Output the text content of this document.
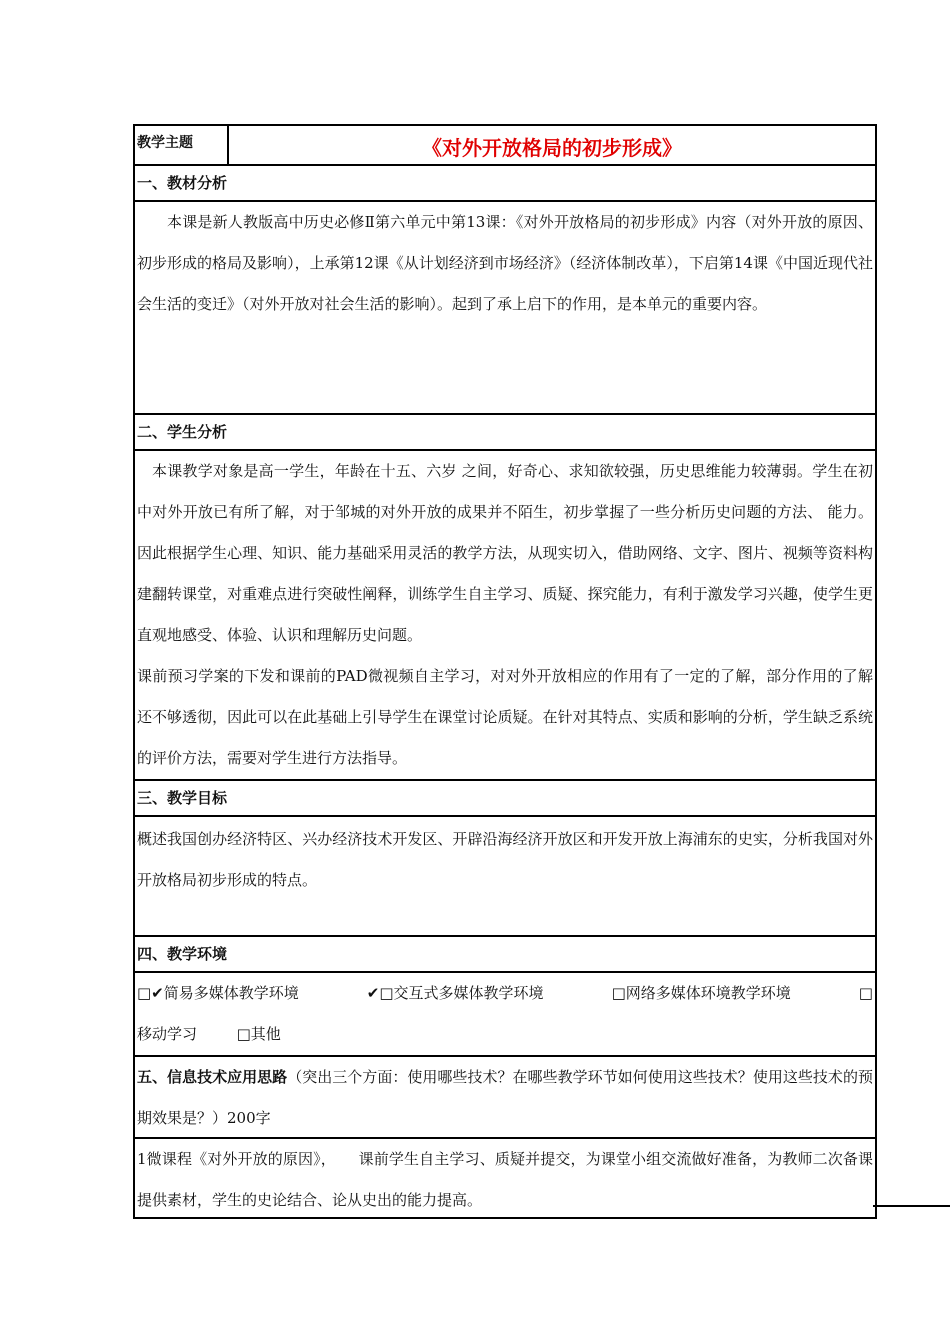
教学主题	《对外开放格局的初步形成》
一、教材分析
本课是新人教版高中历史必修Ⅱ第六单元中第13课：《对外开放格局的初步形成》内容（对外开放的原因、初步形成的格局及影响），上承第12课《从计划经济到市场经济》（经济体制改革），下启第14课《中国近现代社会生活的变迁》（对外开放对社会生活的影响）。起到了承上启下的作用，是本单元的重要内容。
二、学生分析
本课教学对象是高一学生，年龄在十五、六岁 之间，好奇心、求知欲较强，历史思维能力较薄弱。学生在初中对外开放已有所了解，对于邹城的对外开放的成果并不陌生，初步掌握了一些分析历史问题的方法、 能力。因此根据学生心理、知识、能力基础采用灵活的教学方法，从现实切入，借助网络、文字、图片、视频等资料构建翻转课堂，对重难点进行突破性阐释，训练学生自主学习、质疑、探究能力，有利于激发学习兴趣，使学生更直观地感受、体验、认识和理解历史问题。
课前预习学案的下发和课前的PAD微视频自主学习，对对外开放相应的作用有了一定的了解，部分作用的了解还不够透彻，因此可以在此基础上引导学生在课堂讨论质疑。在针对其特点、实质和影响的分析，学生缺乏系统的评价方法，需要对学生进行方法指导。
三、教学目标
概述我国创办经济特区、兴办经济技术开发区、开辟沿海经济开放区和开发开放上海浦东的史实，分析我国对外开放格局初步形成的特点。
四、教学环境
□✔简易多媒体教学环境	✔□交互式多媒体教学环境	□网络多媒体环境教学环境	□
移动学习	□其他
五、信息技术应用思路（突出三个方面：使用哪些技术？在哪些教学环节如何使用这些技术？使用这些技术的预期效果是？）200字
1微课程《对外开放的原因》，　　课前学生自主学习、质疑并提交，为课堂小组交流做好准备，为教师二次备课提供素材，学生的史论结合、论从史出的能力提高。
